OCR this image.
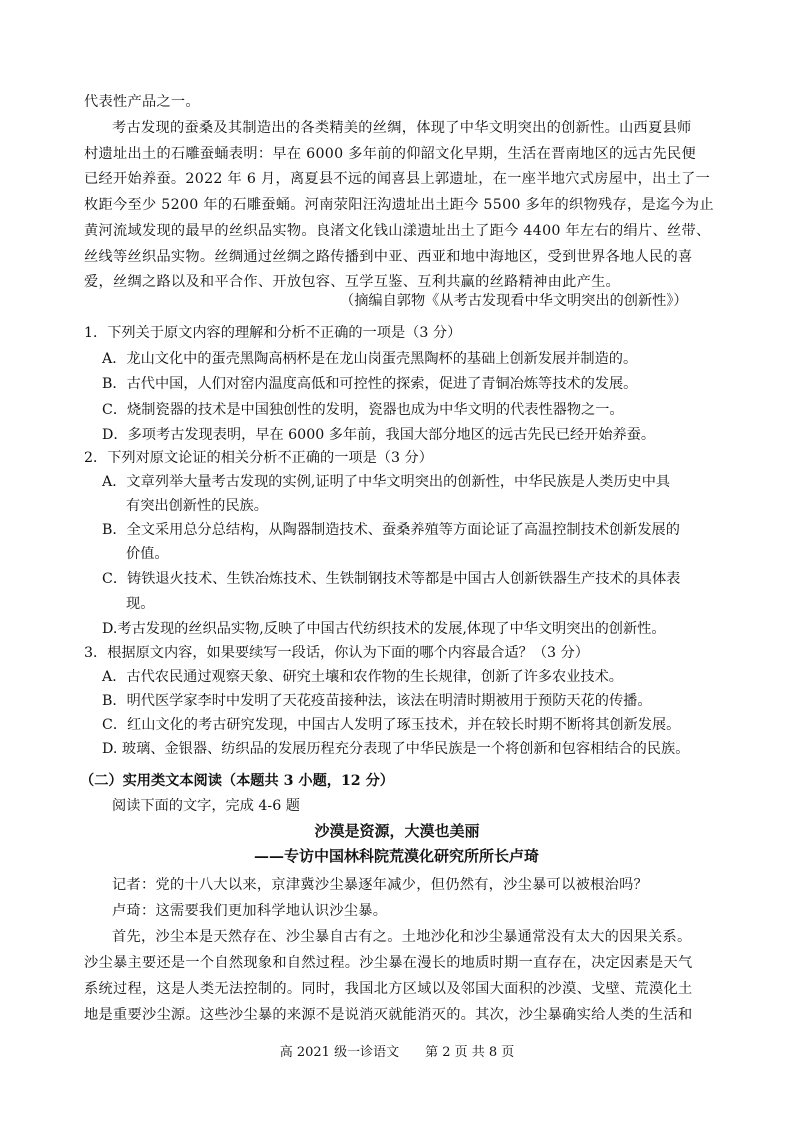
代表性产品之一。
考古发现的蚕桑及其制造出的各类精美的丝绸，体现了中华文明突出的创新性。山西夏县师
村遗址出土的石雕蚕蛹表明：早在 6000 多年前的仰韶文化早期，生活在晋南地区的远古先民便
已经开始养蚕。2022 年 6 月，离夏县不远的闻喜县上郭遗址，在一座半地穴式房屋中，出土了一
枚距今至少 5200 年的石雕蚕蛹。河南荥阳汪沟遗址出土距今 5500 多年的织物残存，是迄今为止
黄河流域发现的最早的丝织品实物。良渚文化钱山漾遗址出土了距今 4400 年左右的绢片、丝带、
丝线等丝织品实物。丝绸通过丝绸之路传播到中亚、西亚和地中海地区，受到世界各地人民的喜
爱，丝绸之路以及和平合作、开放包容、互学互鉴、互利共赢的丝路精神由此产生。
（摘编自郭物《从考古发现看中华文明突出的创新性》）
1．下列关于原文内容的理解和分析不正确的一项是（3 分）
A．龙山文化中的蛋壳黑陶高柄杯是在龙山岗蛋壳黑陶杯的基础上创新发展并制造的。
B．古代中国，人们对窑内温度高低和可控性的探索，促进了青铜冶炼等技术的发展。
C．烧制瓷器的技术是中国独创性的发明，瓷器也成为中华文明的代表性器物之一。
D．多项考古发现表明，早在 6000 多年前，我国大部分地区的远古先民已经开始养蚕。
2．下列对原文论证的相关分析不正确的一项是（3 分）
A．文章列举大量考古发现的实例,证明了中华文明突出的创新性，中华民族是人类历史中具
有突出创新性的民族。
B．全文采用总分总结构，从陶器制造技术、蚕桑养殖等方面论证了高温控制技术创新发展的
价值。
C．铸铁退火技术、生铁冶炼技术、生铁制钢技术等都是中国古人创新铁器生产技术的具体表
现。
D.考古发现的丝织品实物,反映了中国古代纺织技术的发展,体现了中华文明突出的创新性。
3．根据原文内容，如果要续写一段话，你认为下面的哪个内容最合适？（3 分）
A．古代农民通过观察天象、研究土壤和农作物的生长规律，创新了许多农业技术。
B．明代医学家李时中发明了天花疫苗接种法，该法在明清时期被用于预防天花的传播。
C．红山文化的考古研究发现，中国古人发明了琢玉技术，并在较长时期不断将其创新发展。
D. 玻璃、金银器、纺织品的发展历程充分表现了中华民族是一个将创新和包容相结合的民族。
（二）实用类文本阅读（本题共 3 小题，12 分）
阅读下面的文字，完成 4-6 题
沙漠是资源，大漠也美丽
——专访中国林科院荒漠化研究所所长卢琦
记者：党的十八大以来，京津冀沙尘暴逐年减少，但仍然有，沙尘暴可以被根治吗？
卢琦：这需要我们更加科学地认识沙尘暴。
首先，沙尘本是天然存在、沙尘暴自古有之。土地沙化和沙尘暴通常没有太大的因果关系。
沙尘暴主要还是一个自然现象和自然过程。沙尘暴在漫长的地质时期一直存在，决定因素是天气
系统过程，这是人类无法控制的。同时，我国北方区域以及邻国大面积的沙漠、戈壁、荒漠化土
地是重要沙尘源。这些沙尘暴的来源不是说消灭就能消灭的。其次，沙尘暴确实给人类的生活和
高 2021 级一诊语文　　第 2 页 共 8 页
